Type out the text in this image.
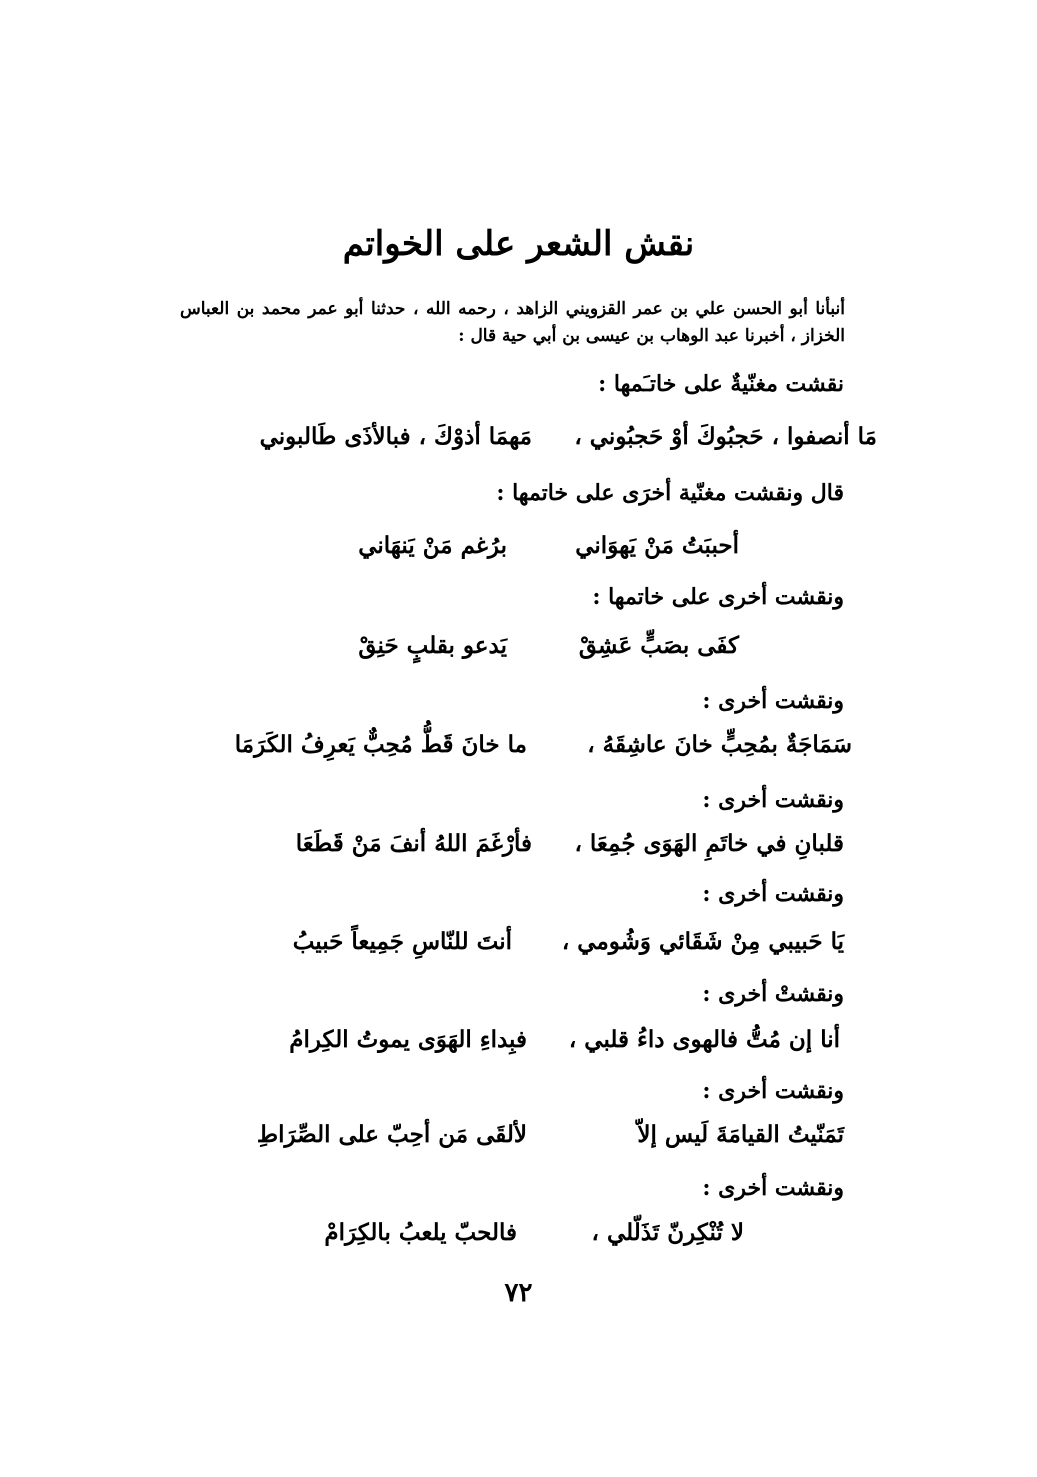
نقش الشعر على الخواتم
أنبأنا أبو الحسن علي بن عمر القزويني الزاهد ، رحمه الله ، حدثنا أبو عمر محمد بن العباس الخزاز ، أخبرنا عبد الوهاب بن عيسى بن أبي حية قال :
نقشت مغنّيةٌ على خاتـَمها :
مَا أنصفوا ، حَجبُوكَ أوْ حَجبُوني ،
مَهمَا أذوْكَ ، فبالأذَى طَالبوني
قال ونقشت مغنّية أخرَى على خاتمها :
أحببَتُ مَنْ يَهوَاني
برُغم مَنْ يَنهَاني
ونقشت أخرى على خاتمها :
كفَى بصَبٍّ عَشِقْ
يَدعو بقلبٍ حَنِقْ
ونقشت أخرى :
سَمَاجَةٌ بمُحِبٍّ خانَ عاشِقَهُ ،
ما خانَ قَطُّ مُحِبٌّ يَعرِفُ الكَرَمَا
ونقشت أخرى :
قلبانِ في خاتَمِ الهَوَى جُمِعَا ،
فأرْغَمَ اللهُ أنفَ مَنْ قَطَعَا
ونقشت أخرى :
يَا حَبيبي مِنْ شَقَائي وَشُومي ،
أنتَ للنّاسِ جَمِيعاً حَبيبُ
ونقشتْ أخرى :
أنا إن مُتُّ فالهوى داءُ قلبي ،
فبِداءِ الهَوَى يموتُ الكِرامُ
ونقشت أخرى :
تَمَنّيتُ القيامَةَ لَيس إلاّ
لألقَى مَن أحِبّ على الصِّرَاطِ
ونقشت أخرى :
لا تُنْكِرنّ تَذَلّلي ،
فالحبّ يلعبُ بالكِرَامْ
٧٢
